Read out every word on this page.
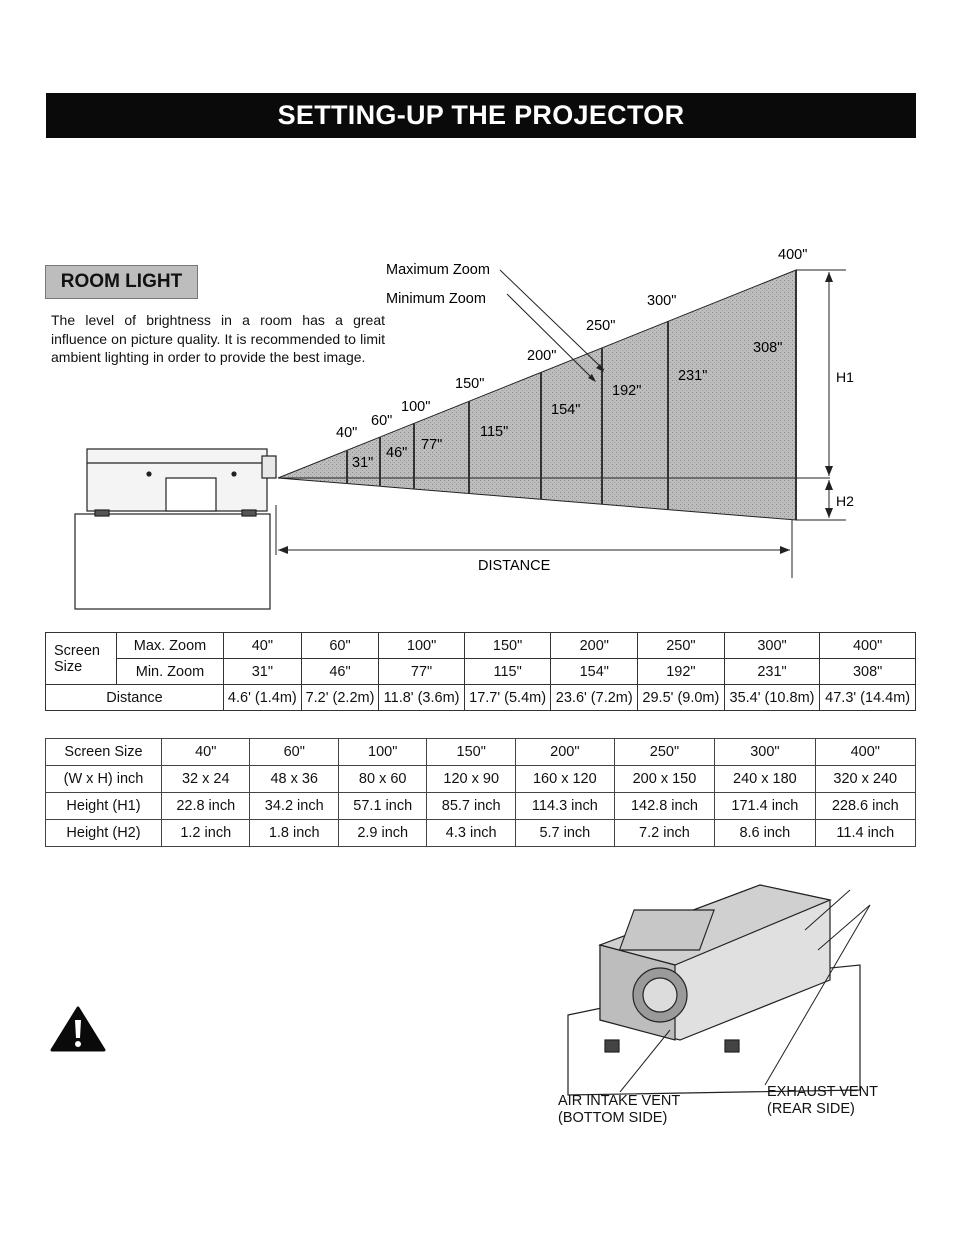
SETTING-UP THE PROJECTOR
ROOM LIGHT
The level of brightness in a room has a great influence on picture quality. It is recommended to limit ambient lighting in order to provide the best image.
H1
H2
DISTANCE
Maximum Zoom
Minimum Zoom
40"
31"
60"
46"
100"
77"
150"
115"
200"
154"
250"
192"
300"
231"
400"
308"
Screen Size	Max. Zoom	40"	60"	100"	150"	200"	250"	300"	400"
	Min. Zoom	31"	46"	77"	115"	154"	192"	231"	308"
Distance		4.6' (1.4m)	7.2' (2.2m)	11.8' (3.6m)	17.7' (5.4m)	23.6' (7.2m)	29.5' (9.0m)	35.4' (10.8m)	47.3' (14.4m)
Screen Size	40"	60"	100"	150"	200"	250"	300"	400"
(W x H) inch	32 x 24	48 x 36	80 x 60	120 x 90	160 x 120	200 x 150	240 x 180	320 x 240
Height (H1)	22.8 inch	34.2 inch	57.1 inch	85.7 inch	114.3 inch	142.8 inch	171.4 inch	228.6 inch
Height (H2)	1.2 inch	1.8 inch	2.9 inch	4.3 inch	5.7 inch	7.2 inch	8.6 inch	11.4 inch
AIR INTAKE VENT
(BOTTOM SIDE)
EXHAUST VENT
(REAR SIDE)
